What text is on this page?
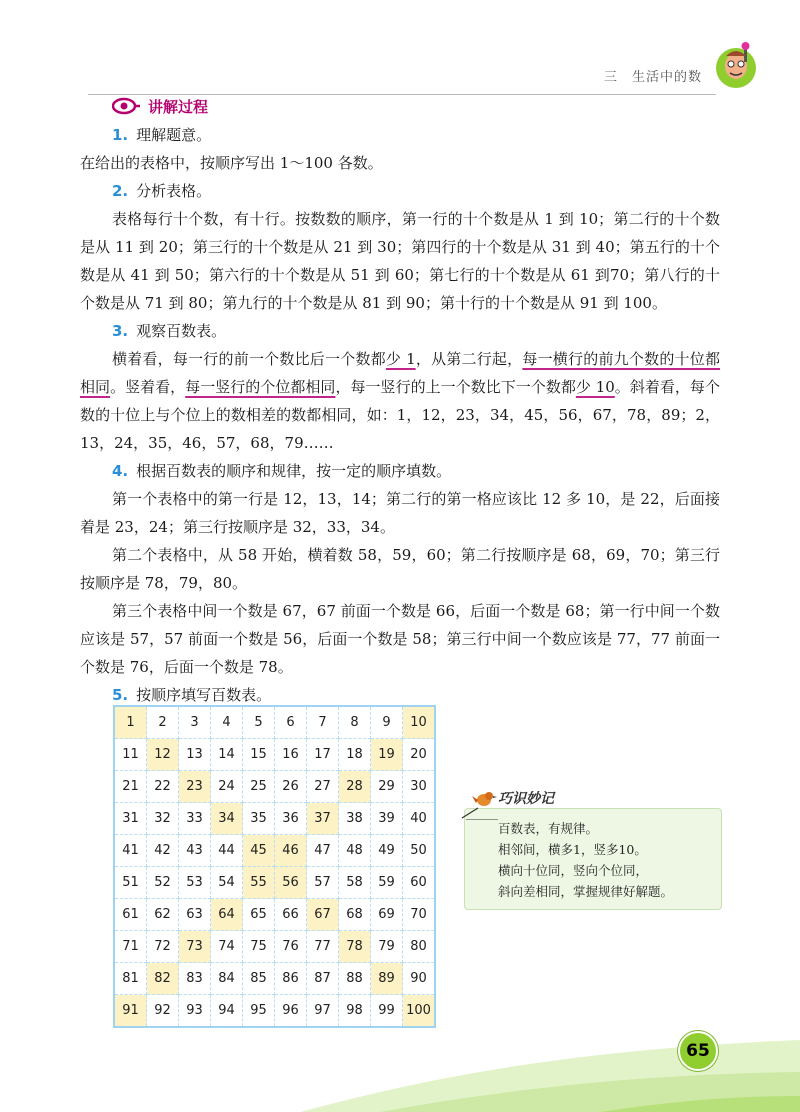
三 生活中的数
讲解过程
1. 理解题意。

在给出的表格中，按顺序写出 1～100 各数。

2. 分析表格。

表格每行十个数，有十行。按数数的顺序，第一行的十个数是从 1 到 10；第二行的十个数是从 11 到 20；第三行的十个数是从 21 到 30；第四行的十个数是从 31 到 40；第五行的十个数是从 41 到 50；第六行的十个数是从 51 到 60；第七行的十个数是从 61 到70；第八行的十个数是从 71 到 80；第九行的十个数是从 81 到 90；第十行的十个数是从 91 到 100。

3. 观察百数表。

横着看，每一行的前一个数比后一个数都少 1，从第二行起，每一横行的前九个数的十位都相同。竖着看，每一竖行的个位都相同，每一竖行的上一个数比下一个数都少 10。斜着看，每个数的十位上与个位上的数相差的数都相同，如：1，12，23，34，45，56，67，78，89；2，13，24，35，46，57，68，79……

4. 根据百数表的顺序和规律，按一定的顺序填数。

第一个表格中的第一行是 12，13，14；第二行的第一格应该比 12 多 10，是 22，后面接着是 23，24；第三行按顺序是 32，33，34。

第二个表格中，从 58 开始，横着数 58，59，60；第二行按顺序是 68，69，70；第三行按顺序是 78，79，80。

第三个表格中间一个数是 67，67 前面一个数是 66，后面一个数是 68；第一行中间一个数应该是 57，57 前面一个数是 56，后面一个数是 58；第三行中间一个数应该是 77，77 前面一个数是 76，后面一个数是 78。

5. 按顺序填写百数表。
1	2	3	4	5	6	7	8	9	10
11	12	13	14	15	16	17	18	19	20
21	22	23	24	25	26	27	28	29	30
31	32	33	34	35	36	37	38	39	40
41	42	43	44	45	46	47	48	49	50
51	52	53	54	55	56	57	58	59	60
61	62	63	64	65	66	67	68	69	70
71	72	73	74	75	76	77	78	79	80
81	82	83	84	85	86	87	88	89	90
91	92	93	94	95	96	97	98	99	100
巧识妙记
百数表，有规律。
相邻间，横多1，竖多10。
横向十位同，竖向个位同，
斜向差相同，掌握规律好解题。
65
